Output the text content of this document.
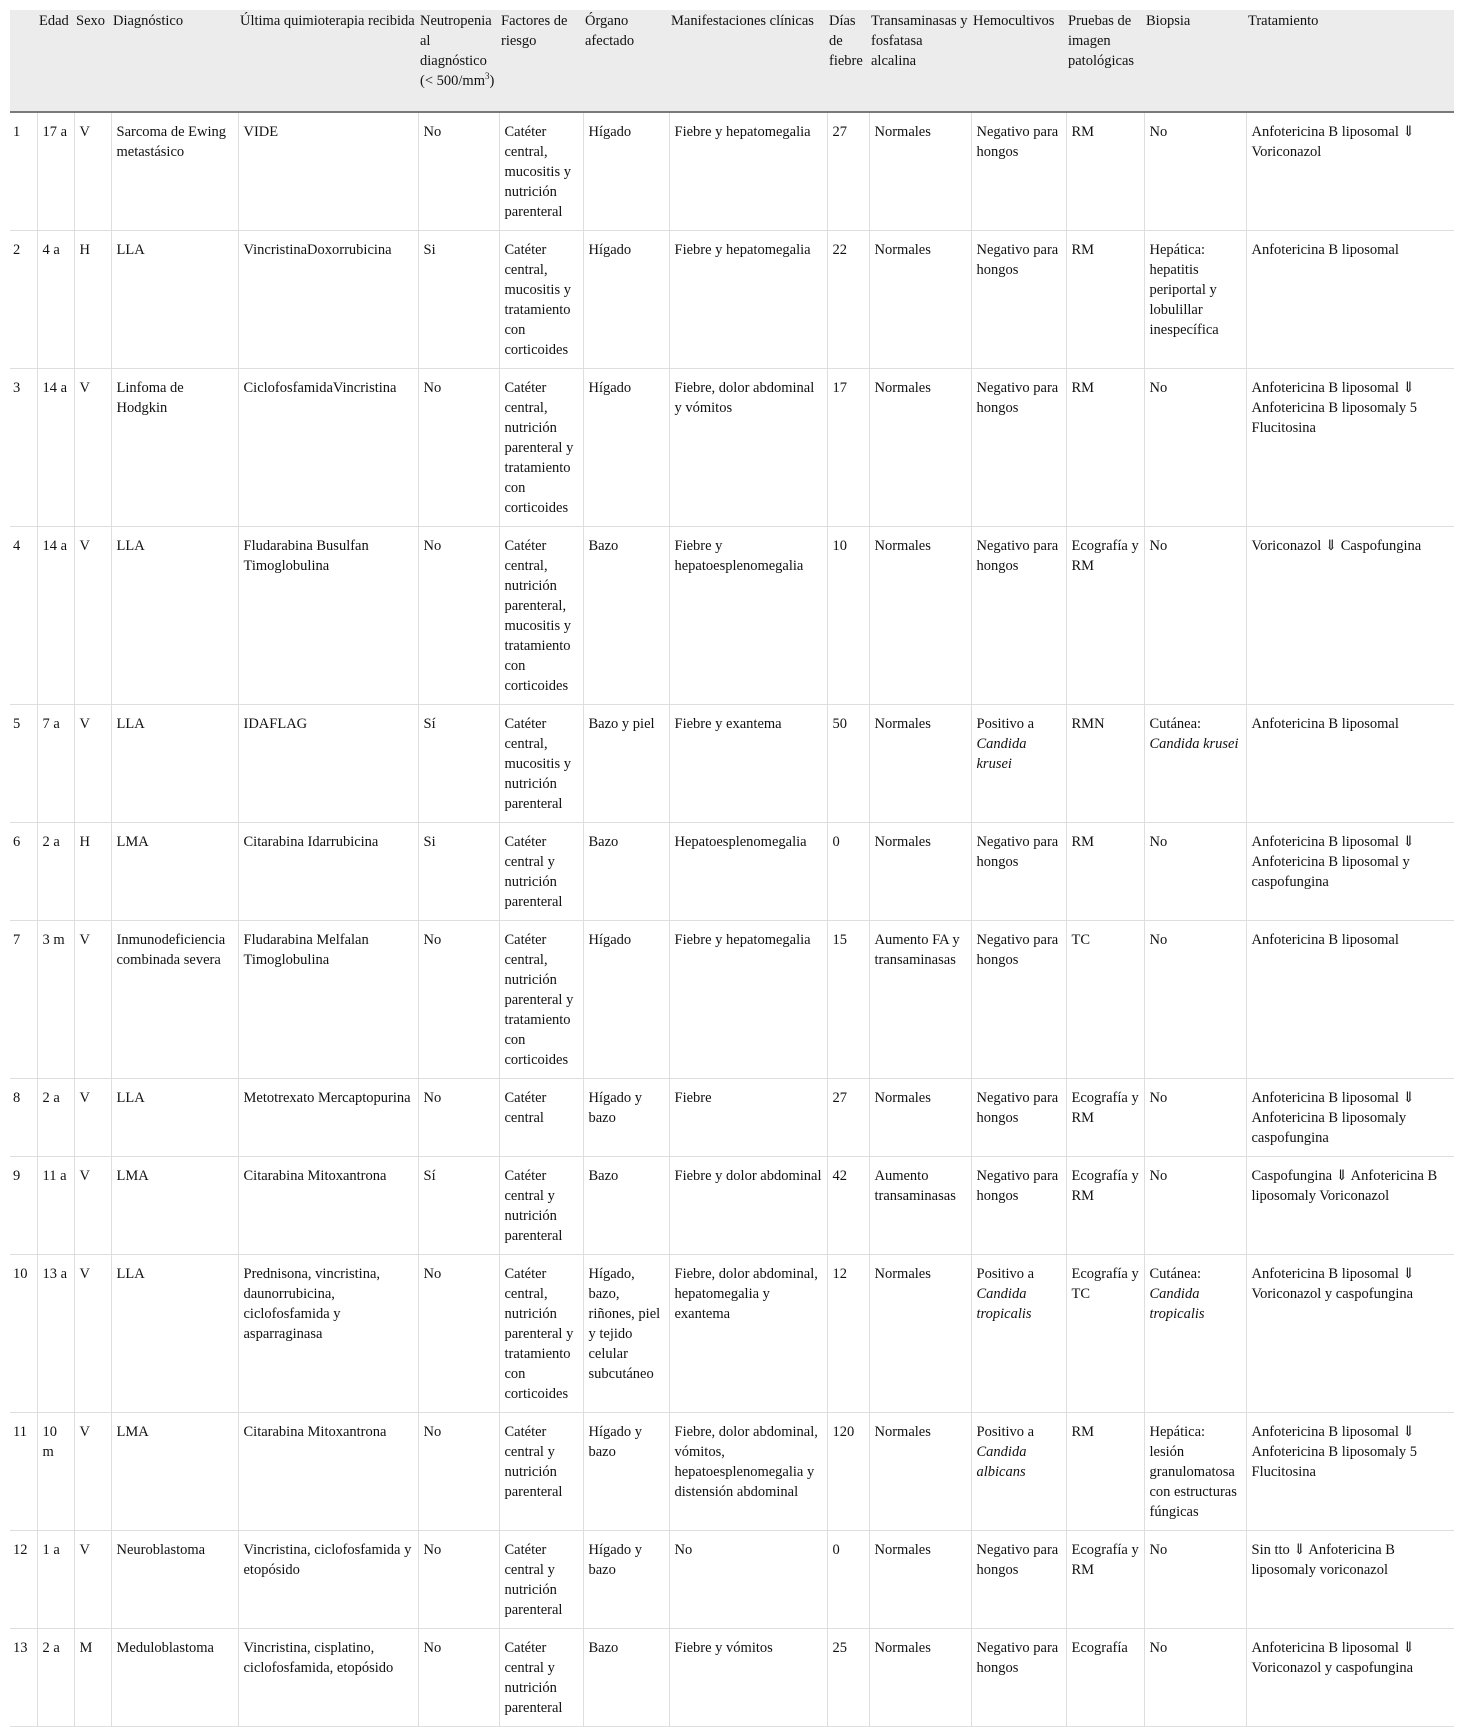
	Edad	Sexo	Diagnóstico	Última quimioterapia recibida	Neutropenia al diagnóstico (< $500/mm^3$)	Factores de riesgo	Órgano afectado	Manifestaciones clínicas	Días de fiebre	Transaminasas y fosfatasa alcalina	Hemocultivos	Pruebas de imagen patológicas	Biopsia	Tratamiento
1	17 a	V	Sarcoma de Ewing metastásico	VIDE	No	Catéter central, mucositis y nutrición parenteral	Hígado	Fiebre y hepatomegalia	27	Normales	Negativo para hongos	RM	No	Anfotericina B liposomal ⇓ Voriconazol
2	4 a	H	LLA	VincristinaDoxorrubicina	Si	Catéter central, mucositis y tratamiento con corticoides	Hígado	Fiebre y hepatomegalia	22	Normales	Negativo para hongos	RM	Hepática: hepatitis periportal y lobulillar inespecífica	Anfotericina B liposomal
3	14 a	V	Linfoma de Hodgkin	CiclofosfamidaVincristina	No	Catéter central, nutrición parenteral y tratamiento con corticoides	Hígado	Fiebre, dolor abdominal y vómitos	17	Normales	Negativo para hongos	RM	No	Anfotericina B liposomal ⇓ Anfotericina B liposomaly 5 Flucitosina
4	14 a	V	LLA	Fludarabina Busulfan Timoglobulina	No	Catéter central, nutrición parenteral, mucositis y tratamiento con corticoides	Bazo	Fiebre y hepatoesplenomegalia	10	Normales	Negativo para hongos	Ecografía y RM	No	Voriconazol ⇓ Caspofungina
5	7 a	V	LLA	IDAFLAG	Sí	Catéter central, mucositis y nutrición parenteral	Bazo y piel	Fiebre y exantema	50	Normales	Positivo a Candida krusei	RMN	Cutánea: Candida krusei	Anfotericina B liposomal
6	2 a	H	LMA	Citarabina Idarrubicina	Si	Catéter central y nutrición parenteral	Bazo	Hepatoesplenomegalia	0	Normales	Negativo para hongos	RM	No	Anfotericina B liposomal ⇓ Anfotericina B liposomal y caspofungina
7	3 m	V	Inmunodeficiencia combinada severa	Fludarabina Melfalan Timoglobulina	No	Catéter central, nutrición parenteral y tratamiento con corticoides	Hígado	Fiebre y hepatomegalia	15	Aumento FA y transaminasas	Negativo para hongos	TC	No	Anfotericina B liposomal
8	2 a	V	LLA	Metotrexato Mercaptopurina	No	Catéter central	Hígado y bazo	Fiebre	27	Normales	Negativo para hongos	Ecografía y RM	No	Anfotericina B liposomal ⇓ Anfotericina B liposomaly caspofungina
9	11 a	V	LMA	Citarabina Mitoxantrona	Sí	Catéter central y nutrición parenteral	Bazo	Fiebre y dolor abdominal	42	Aumento transaminasas	Negativo para hongos	Ecografía y RM	No	Caspofungina ⇓ Anfotericina B liposomaly Voriconazol
10	13 a	V	LLA	Prednisona, vincristina, daunorrubicina, ciclofosfamida y asparraginasa	No	Catéter central, nutrición parenteral y tratamiento con corticoides	Hígado, bazo, riñones, piel y tejido celular subcutáneo	Fiebre, dolor abdominal, hepatomegalia y exantema	12	Normales	Positivo a Candida tropicalis	Ecografía y TC	Cutánea: Candida tropicalis	Anfotericina B liposomal ⇓ Voriconazol y caspofungina
11	10 m	V	LMA	Citarabina Mitoxantrona	No	Catéter central y nutrición parenteral	Hígado y bazo	Fiebre, dolor abdominal, vómitos, hepatoesplenomegalia y distensión abdominal	120	Normales	Positivo a Candida albicans	RM	Hepática: lesión granulomatosa con estructuras fúngicas	Anfotericina B liposomal ⇓ Anfotericina B liposomaly 5 Flucitosina
12	1 a	V	Neuroblastoma	Vincristina, ciclofosfamida y etopósido	No	Catéter central y nutrición parenteral	Hígado y bazo	No	0	Normales	Negativo para hongos	Ecografía y RM	No	Sin tto ⇓ Anfotericina B liposomaly voriconazol
13	2 a	M	Meduloblastoma	Vincristina, cisplatino, ciclofosfamida, etopósido	No	Catéter central y nutrición parenteral	Bazo	Fiebre y vómitos	25	Normales	Negativo para hongos	Ecografía	No	Anfotericina B liposomal ⇓ Voriconazol y caspofungina
